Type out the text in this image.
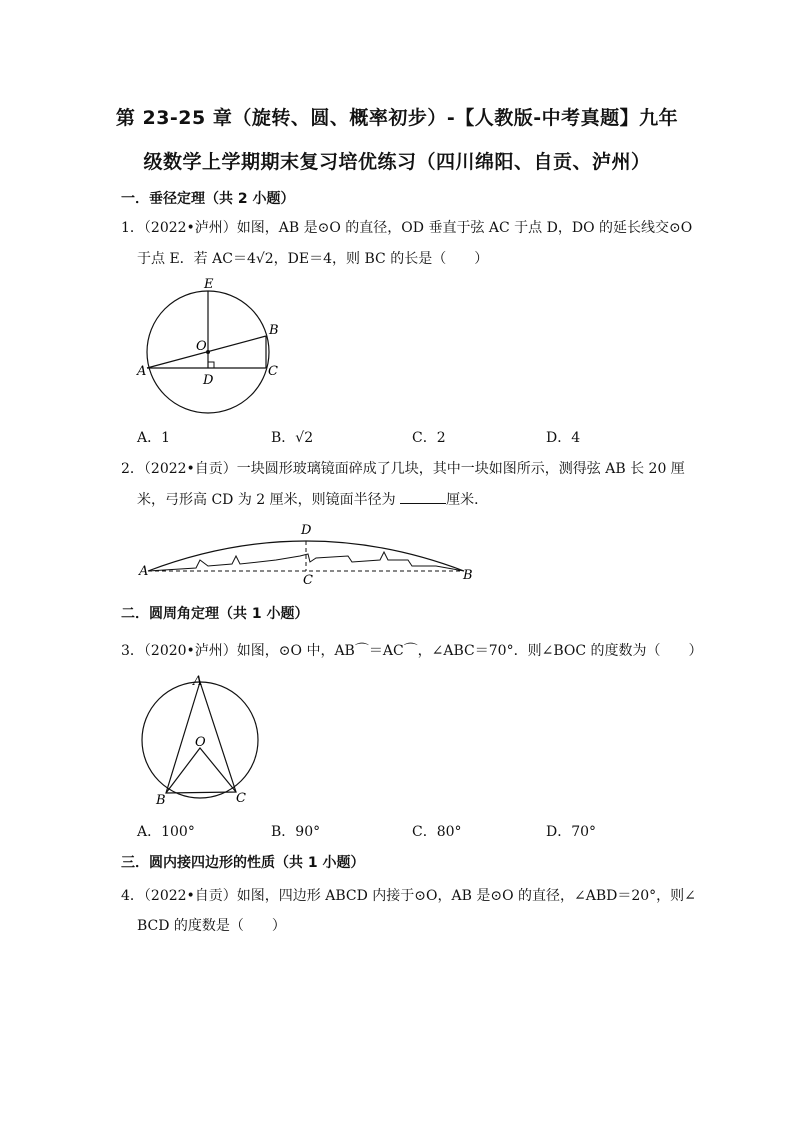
第 23-25 章（旋转、圆、概率初步）-【人教版-中考真题】九年
级数学上学期期末复习培优练习（四川绵阳、自贡、泸州）
一．垂径定理（共 2 小题）
1．（2022•泸州）如图，AB 是⊙O 的直径，OD 垂直于弦 AC 于点 D，DO 的延长线交⊙O
于点 E．若 AC＝4√2，DE＝4，则 BC 的长是（　　）
E
B
O
A
D
C
A．1	B．√2	C．2	D．4
2．（2022•自贡）一块圆形玻璃镜面碎成了几块，其中一块如图所示，测得弦 AB 长 20 厘
米，弓形高 CD 为 2 厘米，则镜面半径为	厘米．
D
A
C	B
二．圆周角定理（共 1 小题）
3．（2020•泸州）如图，⊙O 中，AB⌒＝AC⌒，∠ABC＝70°．则∠BOC 的度数为（　　）
A
O
B	C
A．100°	B．90°	C．80°	D．70°
三．圆内接四边形的性质（共 1 小题）
4．（2022•自贡）如图，四边形 ABCD 内接于⊙O，AB 是⊙O 的直径，∠ABD＝20°，则∠
BCD 的度数是（　　）
